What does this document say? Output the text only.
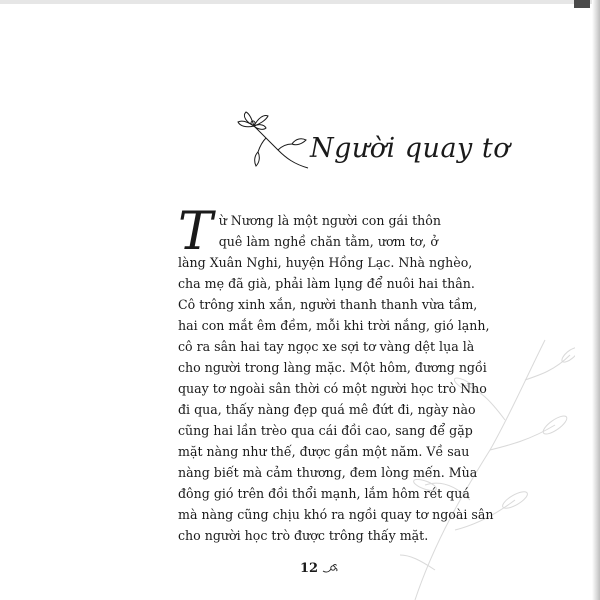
Người quay tơ
T ừ Nương là một người con gái thôn
quê làm nghề chăn tằm, ươm tơ, ở
làng Xuân Nghi, huyện Hồng Lạc. Nhà nghèo,
cha mẹ đã già, phải làm lụng để nuôi hai thân.
Cô trông xinh xắn, người thanh thanh vừa tầm,
hai con mắt êm đềm, mỗi khi trời nắng, gió lạnh,
cô ra sân hai tay ngọc xe sợi tơ vàng dệt lụa là
cho người trong làng mặc. Một hôm, đương ngồi
quay tơ ngoài sân thời có một người học trò Nho
đi qua, thấy nàng đẹp quá mê đứt đi, ngày nào
cũng hai lần trèo qua cái đồi cao, sang để gặp
mặt nàng như thế, được gần một năm. Về sau
nàng biết mà cảm thương, đem lòng mến. Mùa
đông gió trên đồi thổi mạnh, lắm hôm rét quá
mà nàng cũng chịu khó ra ngồi quay tơ ngoài sân
cho người học trò được trông thấy mặt.
12
